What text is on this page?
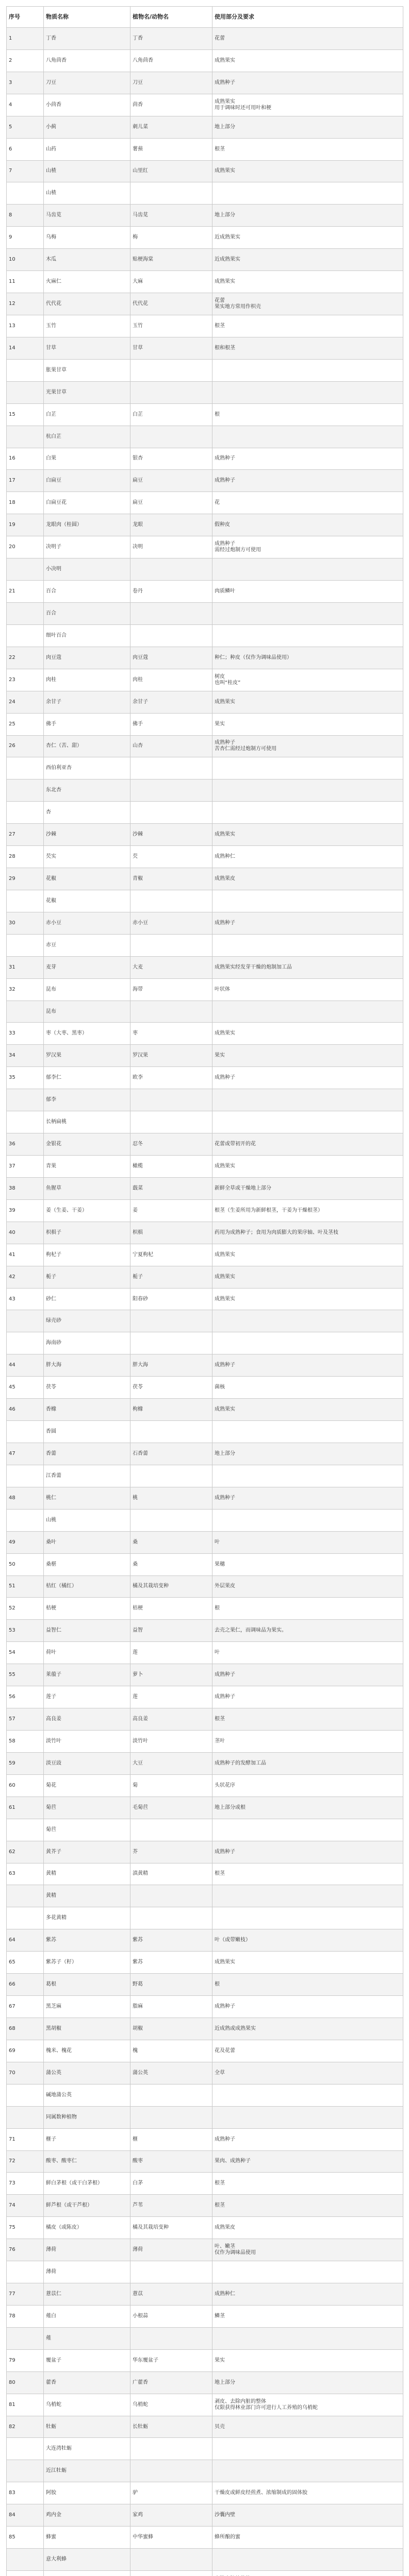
序号	物质名称	植物名/动物名	使用部分及要求
1	丁香	丁香	花蕾
2	八角茴香	八角茴香	成熟果实
3	刀豆	刀豆	成熟种子
4	小茴香	茴香	成熟果实
用于调味时还可用叶和梗
5	小蓟	刺儿菜	地上部分
6	山药	薯蓣	根茎
7	山楂	山里红	成熟果实
	山楂		
8	马齿苋	马齿苋	地上部分
9	乌梅	梅	近成熟果实
10	木瓜	贴梗海棠	近成熟果实
11	火麻仁	大麻	成熟果实
12	代代花	代代花	花蕾
果实地方常用作枳壳
13	玉竹	玉竹	根茎
14	甘草	甘草	根和根茎
	胀果甘草		
	光果甘草		
15	白芷	白芷	根
	杭白芷		
16	白果	银杏	成熟种子
17	白扁豆	扁豆	成熟种子
18	白扁豆花	扁豆	花
19	龙眼肉（桂圆）	龙眼	假种皮
20	决明子	决明	成熟种子
需经过炮制方可使用
	小决明		
21	百合	卷丹	肉质鳞叶
	百合		
	细叶百合		
22	肉豆蔻	肉豆蔻	种仁；种皮（仅作为调味品使用）
23	肉桂	肉桂	树皮
也叫“桂皮”
24	余甘子	余甘子	成熟果实
25	佛手	佛手	果实
26	杏仁（苦、甜）	山杏	成熟种子
苦杏仁需经过炮制方可使用
	西伯利亚杏		
	东北杏		
	杏		
27	沙棘	沙棘	成熟果实
28	芡实	芡	成熟种仁
29	花椒	青椒	成熟果皮
	花椒		
30	赤小豆	赤小豆	成熟种子
	赤豆		
31	麦芽	大麦	成熟果实经发芽干燥的炮制加工品
32	昆布	海带	叶状体
	昆布		
33	枣（大枣、黑枣）	枣	成熟果实
34	罗汉果	罗汉果	果实
35	郁李仁	欧李	成熟种子
	郁李		
	长柄扁桃		
36	金银花	忍冬	花蕾或带初开的花
37	青果	橄榄	成熟果实
38	鱼腥草	蕺菜	新鲜全草或干燥地上部分
39	姜（生姜、干姜）	姜	根茎（生姜所用为新鲜根茎，干姜为干燥根茎）
40	枳椇子	枳椇	药用为成熟种子；食用为肉质膨大的果序轴、叶及茎枝
41	枸杞子	宁夏枸杞	成熟果实
42	栀子	栀子	成熟果实
43	砂仁	阳春砂	成熟果实
	绿壳砂		
	海南砂		
44	胖大海	胖大海	成熟种子
45	茯苓	茯苓	菌核
46	香橼	枸橼	成熟果实
	香圆		
47	香薷	石香薷	地上部分
	江香薷		
48	桃仁	桃	成熟种子
	山桃		
49	桑叶	桑	叶
50	桑椹	桑	果穗
51	桔红（橘红）	橘及其栽培变种	外层果皮
52	桔梗	桔梗	根
53	益智仁	益智	去壳之果仁，而调味品为果实。
54	荷叶	莲	叶
55	莱菔子	萝卜	成熟种子
56	莲子	莲	成熟种子
57	高良姜	高良姜	根茎
58	淡竹叶	淡竹叶	茎叶
59	淡豆豉	大豆	成熟种子的发酵加工品
60	菊花	菊	头状花序
61	菊苣	毛菊苣	地上部分或根
	菊苣		
62	黄芥子	芥	成熟种子
63	黄精	滇黄精	根茎
	黄精		
	多花黄精		
64	紫苏	紫苏	叶（或带嫩枝）
65	紫苏子（籽）	紫苏	成熟果实
66	葛根	野葛	根
67	黑芝麻	脂麻	成熟种子
68	黑胡椒	胡椒	近成熟或成熟果实
69	槐米、槐花	槐	花及花蕾
70	蒲公英	蒲公英	全草
	碱地蒲公英		
	同属数种植物		
71	榧子	榧	成熟种子
72	酸枣、酸枣仁	酸枣	果肉、成熟种子
73	鲜白茅根（或干白茅根）	白茅	根茎
74	鲜芦根（或干芦根）	芦苇	根茎
75	橘皮（或陈皮）	橘及其栽培变种	成熟果皮
76	薄荷	薄荷	叶、嫩茎
仅作为调味品使用
	薄荷		
77	薏苡仁	薏苡	成熟种仁
78	薤白	小根蒜	鳞茎
	薤		
79	覆盆子	华东覆盆子	果实
80	藿香	广藿香	地上部分
81	乌梢蛇	乌梢蛇	剥皮、去除内脏的整体
仅限获得林业部门许可进行人工养殖的乌梢蛇
82	牡蛎	长牡蛎	贝壳
	大连湾牡蛎		
	近江牡蛎		
83	阿胶	驴	干燥皮或鲜皮经煎煮、浓缩制成的固体胶
84	鸡内金	家鸡	沙囊内壁
85	蜂蜜	中华蜜蜂	蜂所酿的蜜
	意大利蜂		
